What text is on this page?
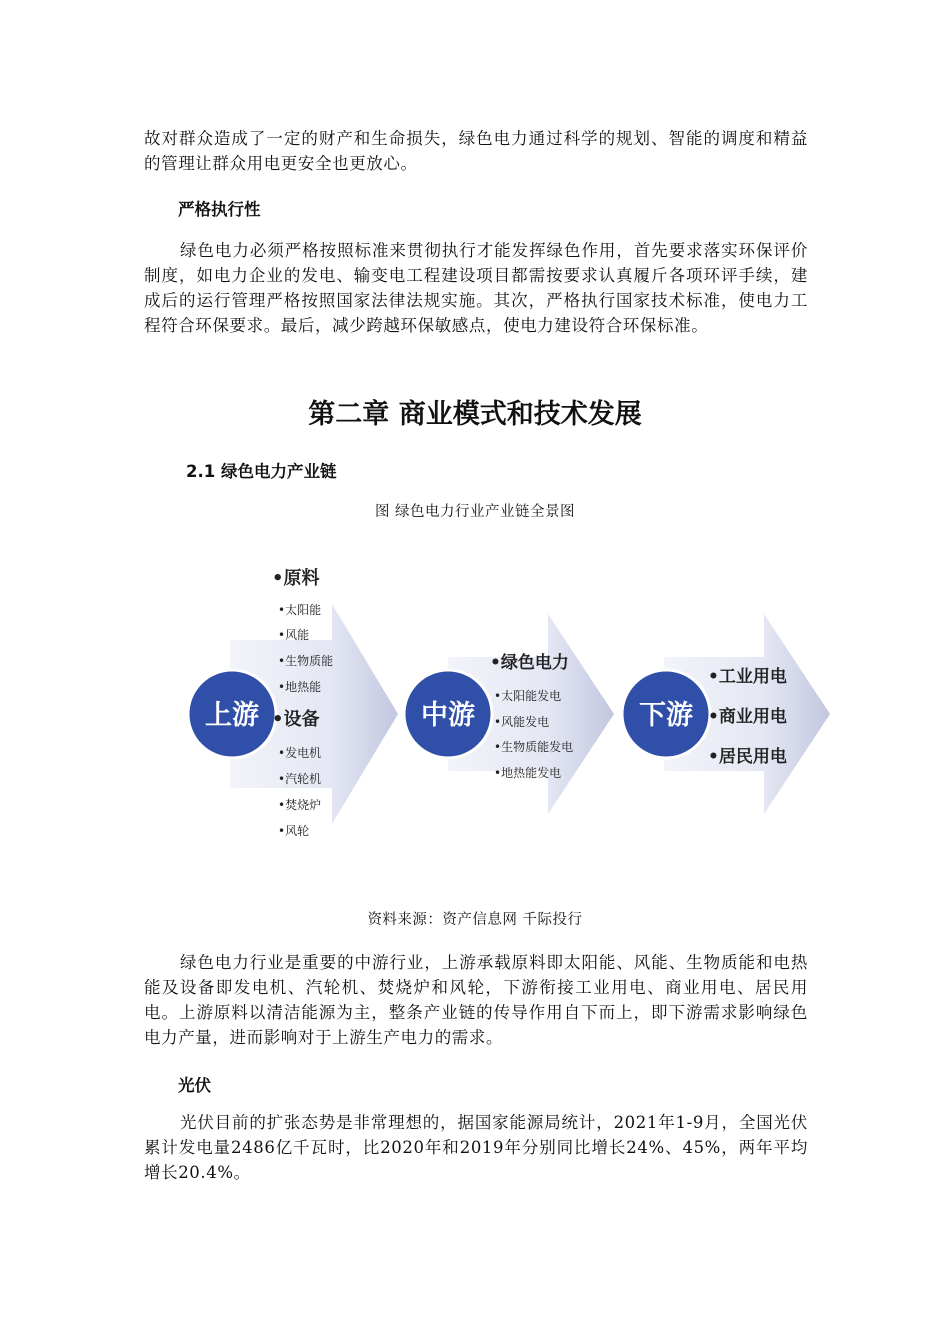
故对群众造成了一定的财产和生命损失，绿色电力通过科学的规划、智能的调度和精益的管理让群众用电更安全也更放心。

严格执行性

绿色电力必须严格按照标准来贯彻执行才能发挥绿色作用，首先要求落实环保评价制度，如电力企业的发电、输变电工程建设项目都需按要求认真履斤各项环评手续，建成后的运行管理严格按照国家法律法规实施。其次，严格执行国家技术标准，使电力工程符合环保要求。最后，减少跨越环保敏感点，使电力建设符合环保标准。

第二章 商业模式和技术发展

2.1 绿色电力产业链

图 绿色电力行业产业链全景图

上游	中游	下游
•原料
•太阳能
•风能
•生物质能
•地热能
•设备
•发电机
•汽轮机
•焚烧炉
•风轮
•绿色电力
•太阳能发电
•风能发电
•生物质能发电
•地热能发电
•工业用电
•商业用电
•居民用电

资料来源：资产信息网 千际投行

绿色电力行业是重要的中游行业，上游承载原料即太阳能、风能、生物质能和电热能及设备即发电机、汽轮机、焚烧炉和风轮，下游衔接工业用电、商业用电、居民用电。上游原料以清洁能源为主，整条产业链的传导作用自下而上，即下游需求影响绿色电力产量，进而影响对于上游生产电力的需求。

光伏

光伏目前的扩张态势是非常理想的，据国家能源局统计，2021年1-9月，全国光伏累计发电量2486亿千瓦时，比2020年和2019年分别同比增长24%、45%，两年平均增长20.4%。
